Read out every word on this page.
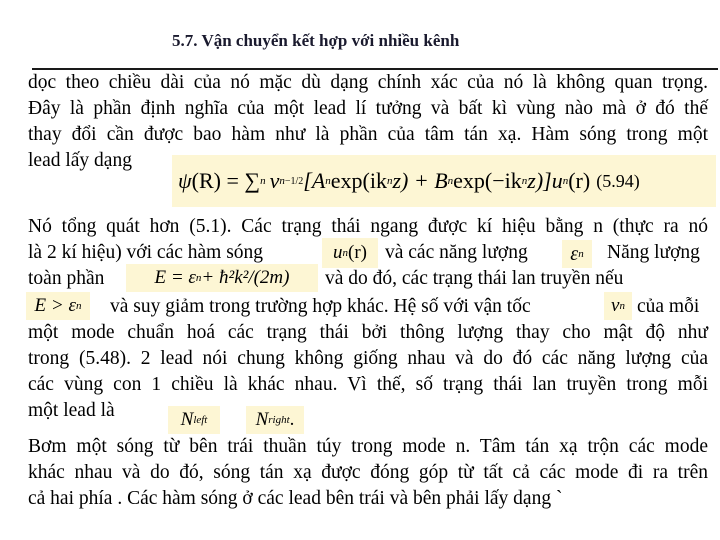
5.7. Vận chuyển kết hợp với nhiều kênh
dọc theo chiều dài của nó mặc dù dạng chính xác của nó là không quan trọng.
Đây là phần định nghĩa của một lead lí tưởng và bất kì vùng nào mà ở đó thế
thay đổi cần được bao hàm như là phần của tâm tán xạ. Hàm sóng trong một
lead lấy dạng
ψ (R) = ∑ n v n −1/2 [A n exp(ik n z) + B n exp(−ik n z)]u n (r) (5.94)
Nó tổng quát hơn (5.1). Các trạng thái ngang được kí hiệu bằng n (thực ra nó
là 2 kí hiệu) với các hàm sóng	u n (r) và các năng lượng ε n Năng lượng
toàn phần	E = ε n + ħ²k²/(2m) và do đó, các trạng thái lan truyền nếu
E > ε n và suy giảm trong trường hợp khác. Hệ số với vận tốc	v n của mỗi
một mode chuẩn hoá các trạng thái bởi thông lượng thay cho mật độ như
trong (5.48). 2 lead nói chung không giống nhau và do đó các năng lượng của
các vùng con 1 chiều là khác nhau. Vì thế, số trạng thái lan truyền trong mỗi
một lead là	N left	N right .
Bơm một sóng từ bên trái thuần túy trong mode n. Tâm tán xạ trộn các mode
khác nhau và do đó, sóng tán xạ được đóng góp từ tất cả các mode đi ra trên
cả hai phía . Các hàm sóng ở các lead bên trái và bên phải lấy dạng `
